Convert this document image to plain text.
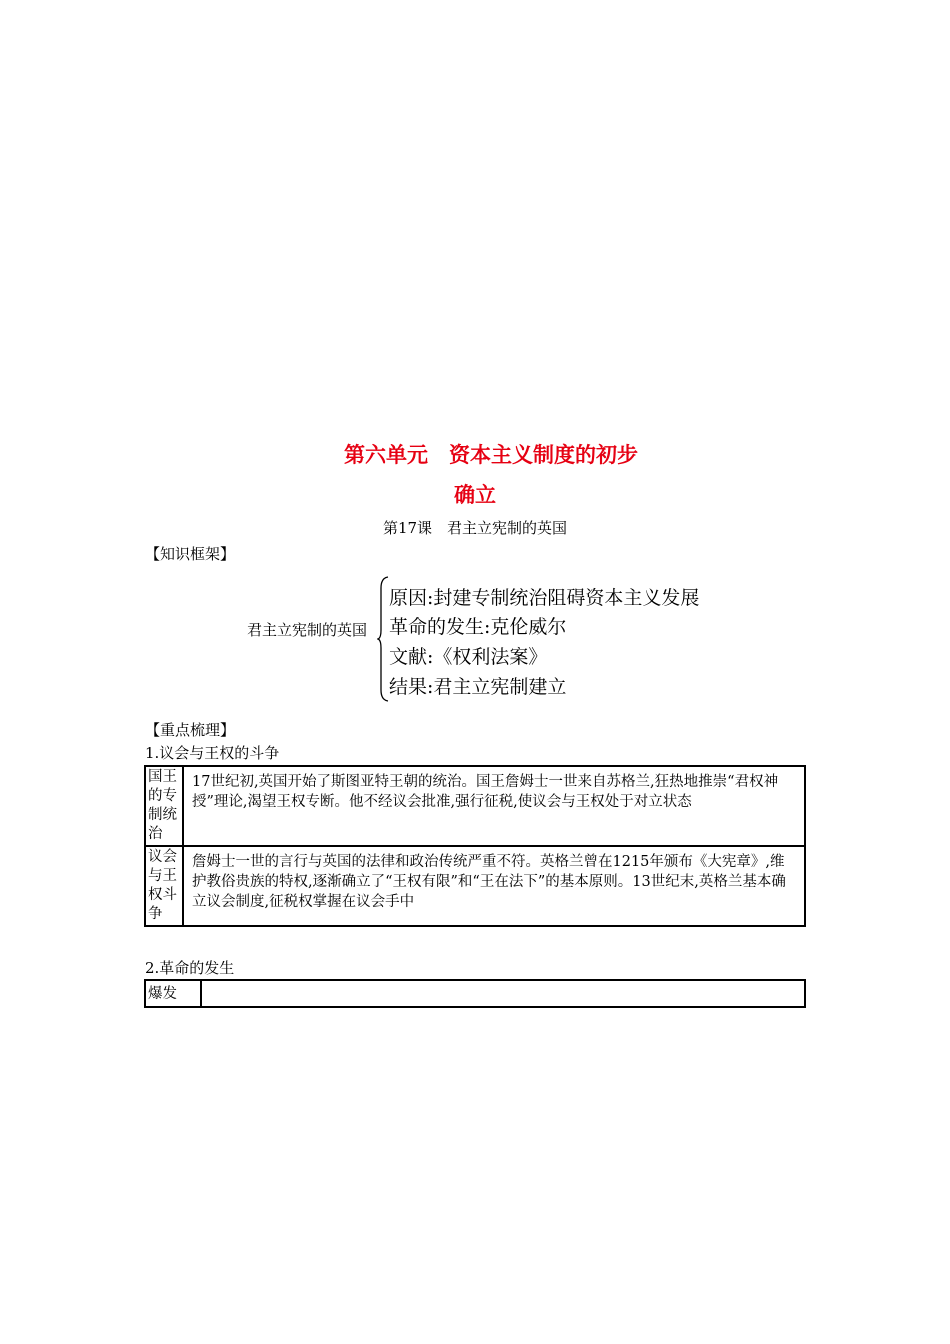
第六单元　资本主义制度的初步
确立
第17课　君主立宪制的英国
【知识框架】
君主立宪制的英国
原因:封建专制统治阻碍资本主义发展
革命的发生:克伦威尔
文献:《权利法案》
结果:君主立宪制建立
【重点梳理】
1.议会与王权的斗争
国王的专制统治	17世纪初,英国开始了斯图亚特王朝的统治。国王詹姆士一世来自苏格兰,狂热地推崇“君权神授”理论,渴望王权专断。他不经议会批准,强行征税,使议会与王权处于对立状态

议会与王权斗争	詹姆士一世的言行与英国的法律和政治传统严重不符。英格兰曾在1215年颁布《大宪章》,维护教俗贵族的特权,逐渐确立了“王权有限”和“王在法下”的基本原则。13世纪末,英格兰基本确立议会制度,征税权掌握在议会手中
2.革命的发生
爆发	
